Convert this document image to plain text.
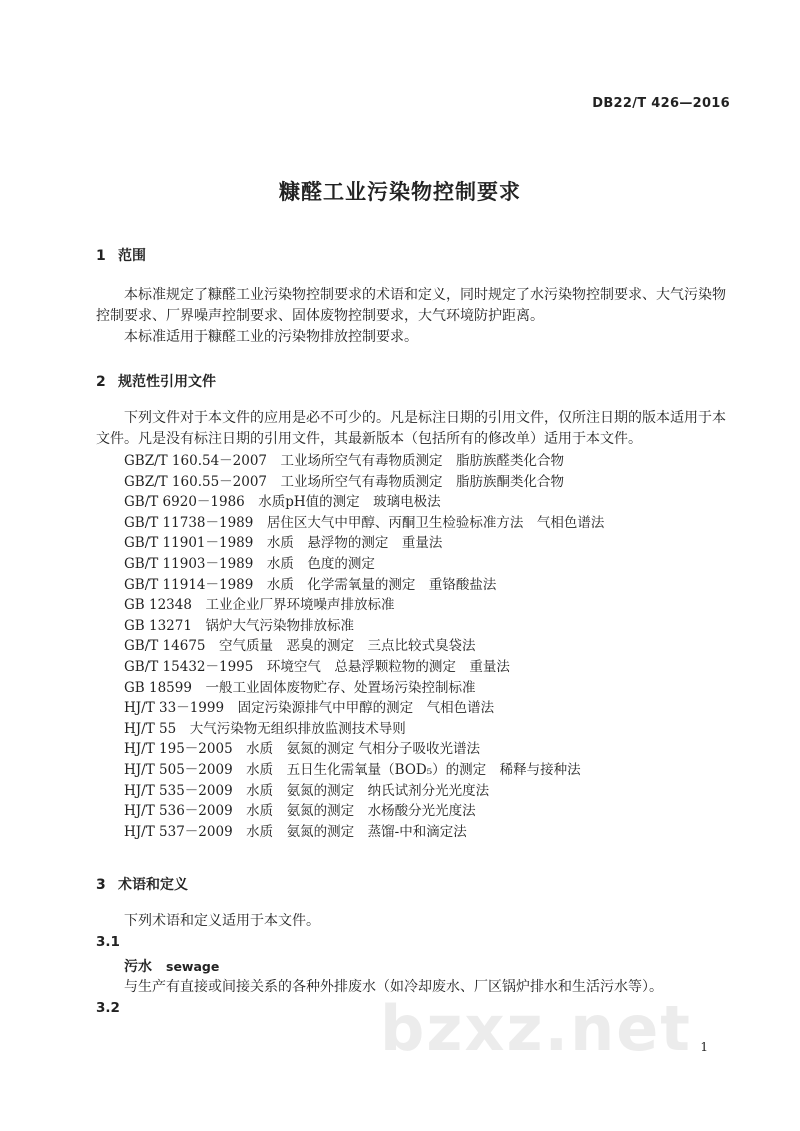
DB22/T 426—2016
糠醛工业污染物控制要求
1 范围
本标准规定了糠醛工业污染物控制要求的术语和定义，同时规定了水污染物控制要求、大气污染物控制要求、厂界噪声控制要求、固体废物控制要求，大气环境防护距离。
本标准适用于糠醛工业的污染物排放控制要求。
2 规范性引用文件
下列文件对于本文件的应用是必不可少的。凡是标注日期的引用文件，仅所注日期的版本适用于本文件。凡是没有标注日期的引用文件，其最新版本（包括所有的修改单）适用于本文件。
GBZ/T 160.54－2007　工业场所空气有毒物质测定　脂肪族醛类化合物
GBZ/T 160.55－2007　工业场所空气有毒物质测定　脂肪族酮类化合物
GB/T 6920－1986　水质pH值的测定　玻璃电极法
GB/T 11738－1989　居住区大气中甲醇、丙酮卫生检验标准方法　气相色谱法
GB/T 11901－1989　水质　悬浮物的测定　重量法
GB/T 11903－1989　水质　色度的测定
GB/T 11914－1989　水质　化学需氧量的测定　重铬酸盐法
GB 12348　工业企业厂界环境噪声排放标准
GB 13271　锅炉大气污染物排放标准
GB/T 14675　空气质量　恶臭的测定　三点比较式臭袋法
GB/T 15432－1995　环境空气　总悬浮颗粒物的测定　重量法
GB 18599　一般工业固体废物贮存、处置场污染控制标准
HJ/T 33－1999　固定污染源排气中甲醇的测定　气相色谱法
HJ/T 55　大气污染物无组织排放监测技术导则
HJ/T 195－2005　水质　氨氮的测定 气相分子吸收光谱法
HJ/T 505－2009　水质　五日生化需氧量（BOD₅）的测定　稀释与接种法
HJ/T 535－2009　水质　氨氮的测定　纳氏试剂分光光度法
HJ/T 536－2009　水质　氨氮的测定　水杨酸分光光度法
HJ/T 537－2009　水质　氨氮的测定　蒸馏-中和滴定法
3 术语和定义
下列术语和定义适用于本文件。
3.1
污水 sewage
与生产有直接或间接关系的各种外排废水（如冷却废水、厂区锅炉排水和生活污水等）。
3.2	bzxz.net 1
